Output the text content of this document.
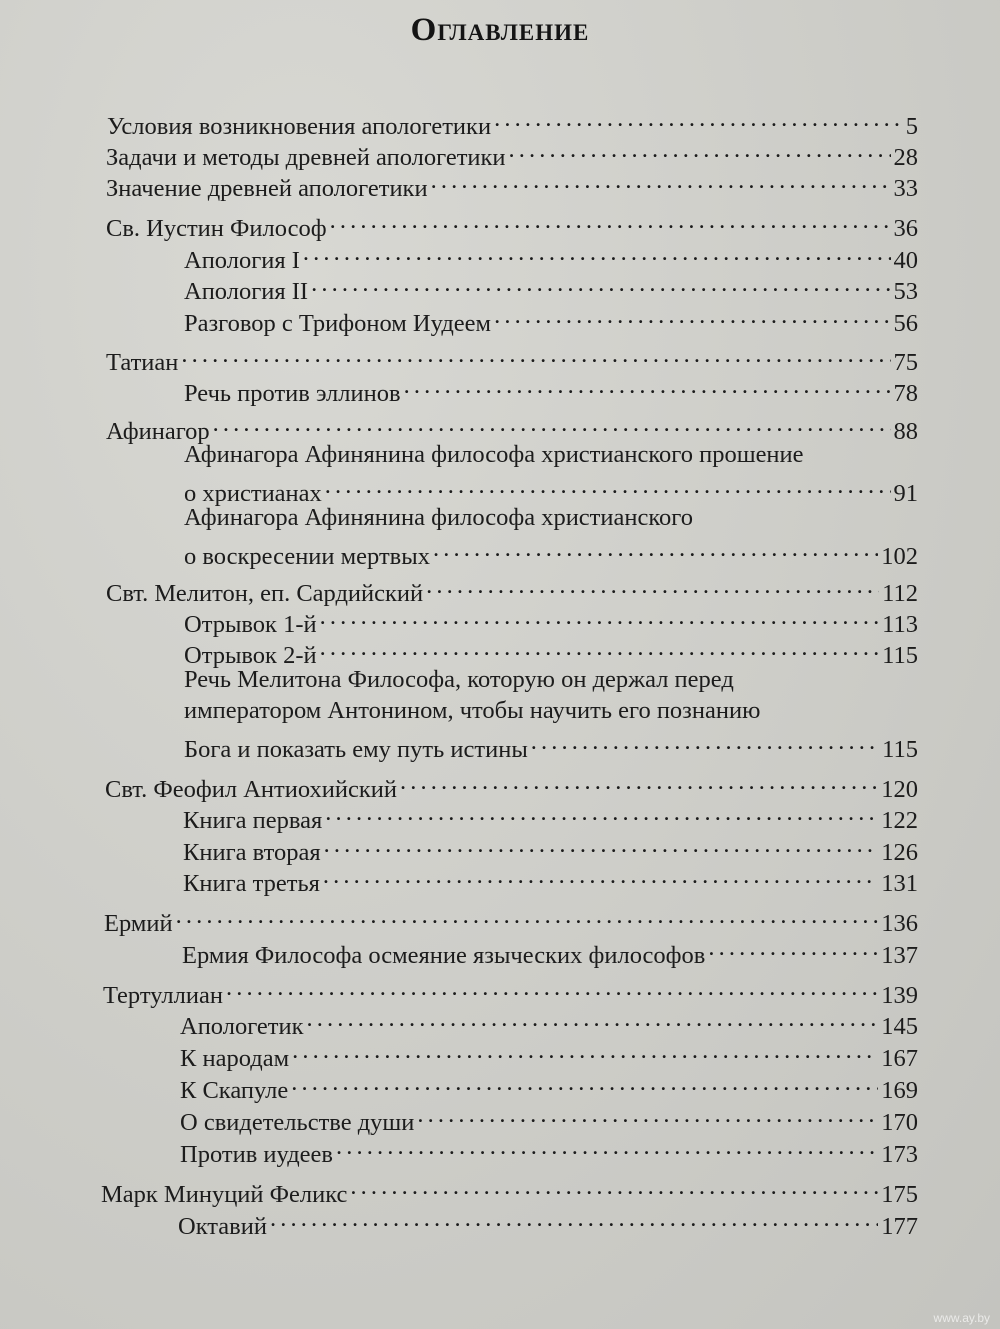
Оглавление
Условия возникновения апологетики . . .	5
Задачи и методы древней апологетики . . .	28
Значение древней апологетики . . .	33
Св. Иустин Философ . . .	36
Апология I . . .	40
Апология II . . .	53
Разговор с Трифоном Иудеем . . .	56
Татиан . . .	75
Речь против эллинов . . .	78
Афинагор . . .	88
Афинагора Афинянина философа христианского прошение
о христианах . . .	91
Афинагора Афинянина философа христианского
о воскресении мертвых . . .	102
Свт. Мелитон, еп. Сардийский . . .	112
Отрывок 1-й . . .	113
Отрывок 2-й . . .	115
Речь Мелитона Философа, которую он держал перед
императором Антонином, чтобы научить его познанию
Бога и показать ему путь истины . . .	115
Свт. Феофил Антиохийский . . .	120
Книга первая . . .	122
Книга вторая . . .	126
Книга третья . . .	131
Ермий . . .	136
Ермия Философа осмеяние языческих философов . . .	137
Тертуллиан . . .	139
Апологетик . . .	145
К народам . . .	167
К Скапуле . . .	169
О свидетельстве души . . .	170
Против иудеев . . .	173
Марк Минуций Феликс . . .	175
Октавий . . .	177
www.ay.by
